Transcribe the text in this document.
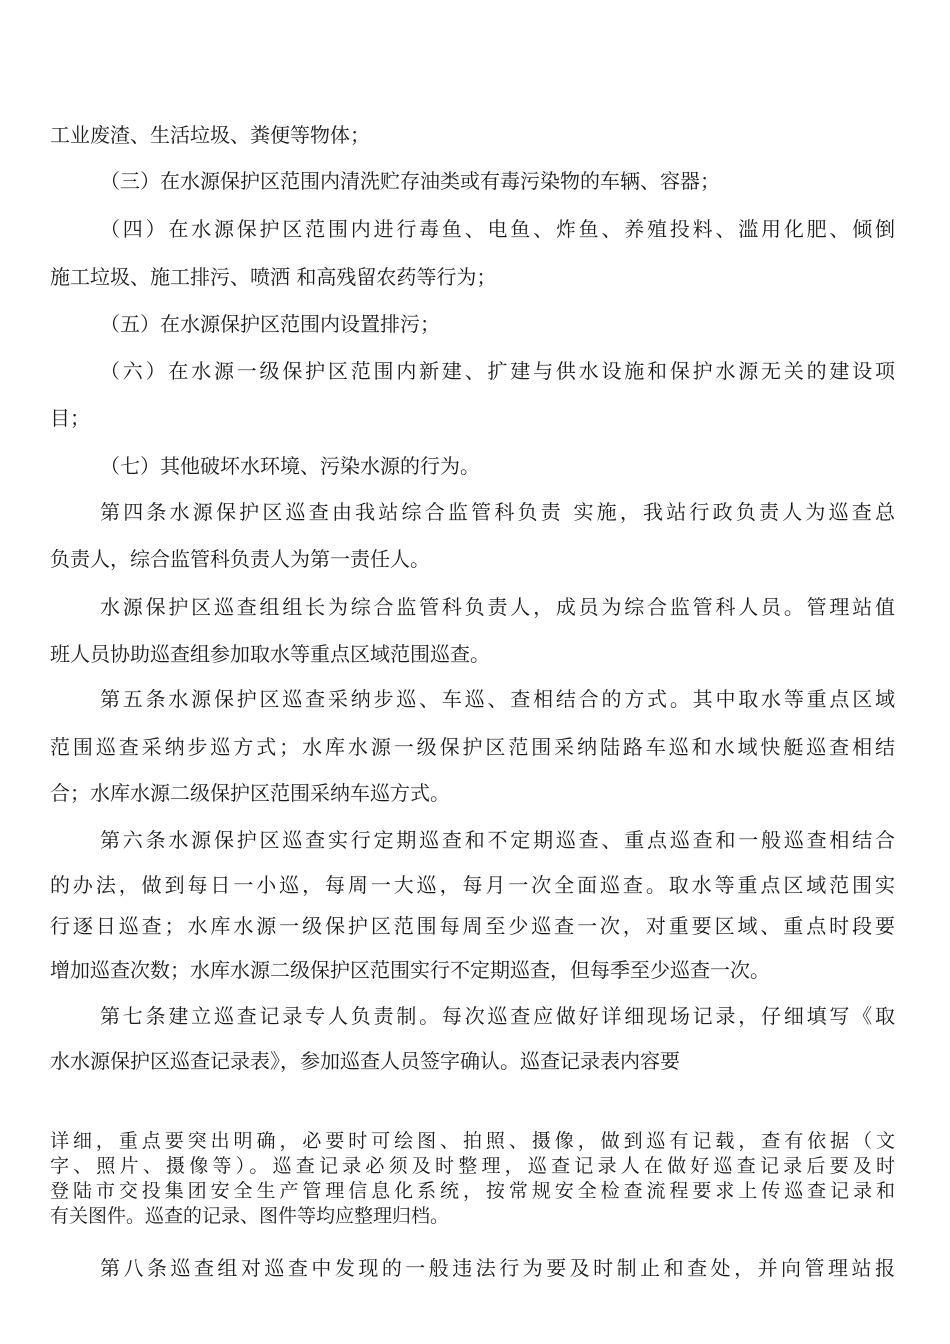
工业废渣、生活垃圾、粪便等物体；
（三）在水源保护区范围内清洗贮存油类或有毒污染物的车辆、容器；
（四）在水源保护区范围内进行毒鱼、电鱼、炸鱼、养殖投料、滥用化肥、倾倒
施工垃圾、施工排污、喷洒 和高残留农药等行为；
（五）在水源保护区范围内设置排污；
（六）在水源一级保护区范围内新建、扩建与供水设施和保护水源无关的建设项
目；
（七）其他破坏水环境、污染水源的行为。
第四条水源保护区巡查由我站综合监管科负责 实施，我站行政负责人为巡查总
负责人，综合监管科负责人为第一责任人。
水源保护区巡查组组长为综合监管科负责人，成员为综合监管科人员。管理站值
班人员协助巡查组参加取水等重点区域范围巡查。
第五条水源保护区巡查采纳步巡、车巡、查相结合的方式。其中取水等重点区域
范围巡查采纳步巡方式；水库水源一级保护区范围采纳陆路车巡和水域快艇巡查相结
合；水库水源二级保护区范围采纳车巡方式。
第六条水源保护区巡查实行定期巡查和不定期巡查、重点巡查和一般巡查相结合
的办法，做到每日一小巡，每周一大巡，每月一次全面巡查。取水等重点区域范围实
行逐日巡查；水库水源一级保护区范围每周至少巡查一次，对重要区域、重点时段要
增加巡查次数；水库水源二级保护区范围实行不定期巡查，但每季至少巡查一次。
第七条建立巡查记录专人负责制。每次巡查应做好详细现场记录，仔细填写《取
水水源保护区巡查记录表》，参加巡查人员签字确认。巡查记录表内容要
详细，重点要突出明确，必要时可绘图、拍照、摄像，做到巡有记载，查有依据（文
字、照片、摄像等）。巡查记录必须及时整理，巡查记录人在做好巡查记录后要及时
登陆市交投集团安全生产管理信息化系统，按常规安全检查流程要求上传巡查记录和
有关图件。巡查的记录、图件等均应整理归档。
第八条巡查组对巡查中发现的一般违法行为要及时制止和查处，并向管理站报
